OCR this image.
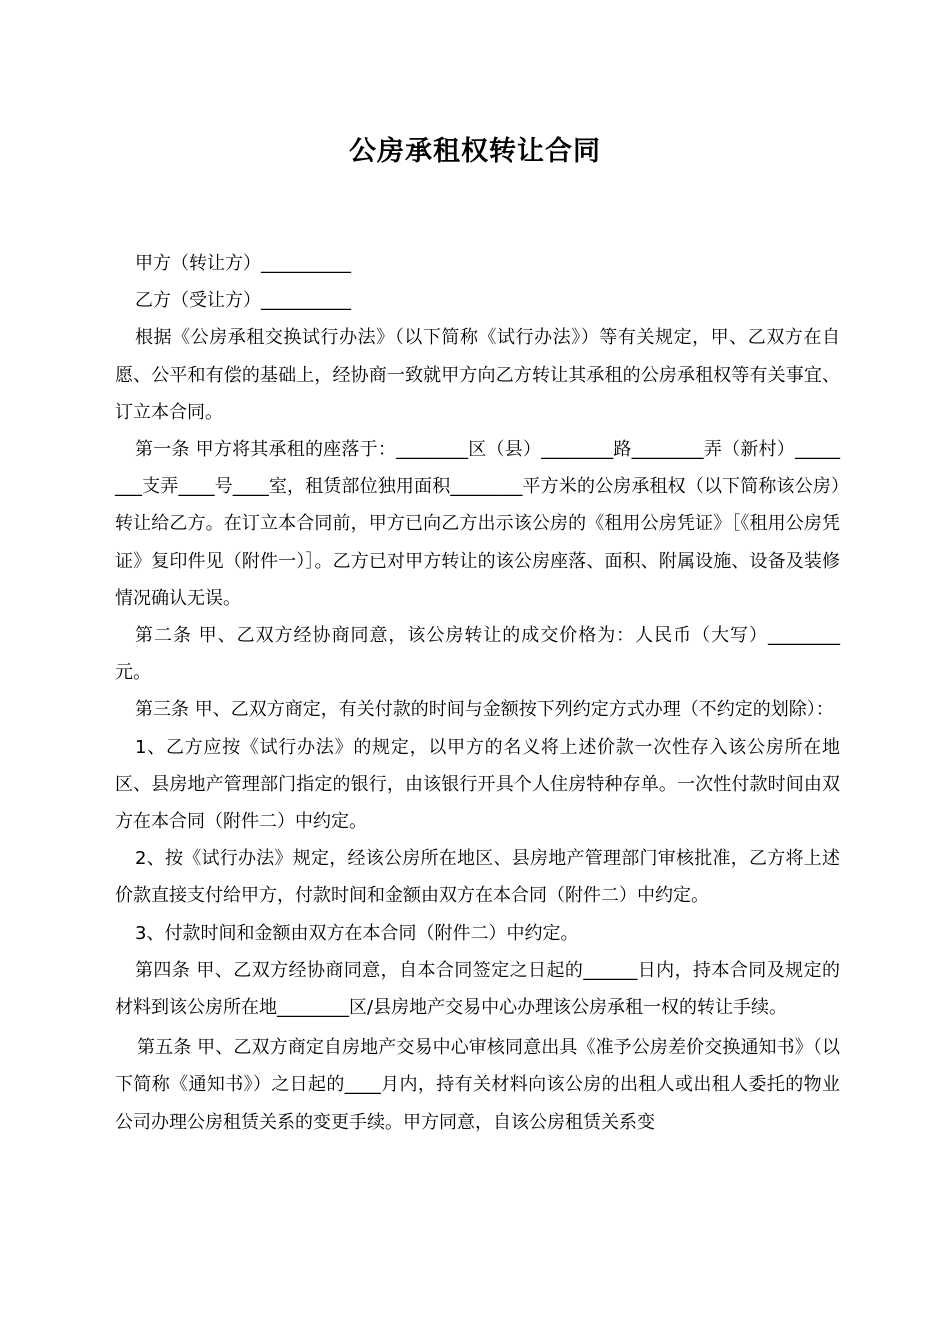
公房承租权转让合同

甲方（转让方）__________

乙方（受让方）__________

根据《公房承租交换试行办法》（以下简称《试行办法》）等有关规定，甲、乙双方在自愿、公平和有偿的基础上，经协商一致就甲方向乙方转让其承租的公房承租权等有关事宜、订立本合同。

第一条 甲方将其承租的座落于：________区（县）________路________弄（新村）________支弄____号____室，租赁部位独用面积________平方米的公房承租权（以下简称该公房）转让给乙方。在订立本合同前，甲方已向乙方出示该公房的《租用公房凭证》［《租用公房凭证》复印件见（附件一）］。乙方已对甲方转让的该公房座落、面积、附属设施、设备及装修情况确认无误。

第二条 甲、乙双方经协商同意，该公房转让的成交价格为：人民币（大写）________元。

第三条 甲、乙双方商定，有关付款的时间与金额按下列约定方式办理（不约定的划除）：

1、乙方应按《试行办法》的规定，以甲方的名义将上述价款一次性存入该公房所在地区、县房地产管理部门指定的银行，由该银行开具个人住房特种存单。一次性付款时间由双方在本合同（附件二）中约定。

2、按《试行办法》规定，经该公房所在地区、县房地产管理部门审核批准，乙方将上述价款直接支付给甲方，付款时间和金额由双方在本合同（附件二）中约定。

3、付款时间和金额由双方在本合同（附件二）中约定。

第四条 甲、乙双方经协商同意，自本合同签定之日起的______日内，持本合同及规定的材料到该公房所在地________区/县房地产交易中心办理该公房承租一权的转让手续。

第五条 甲、乙双方商定自房地产交易中心审核同意出具《准予公房差价交换通知书》（以下简称《通知书》）之日起的____月内，持有关材料向该公房的出租人或出租人委托的物业公司办理公房租赁关系的变更手续。甲方同意，自该公房租赁关系变
